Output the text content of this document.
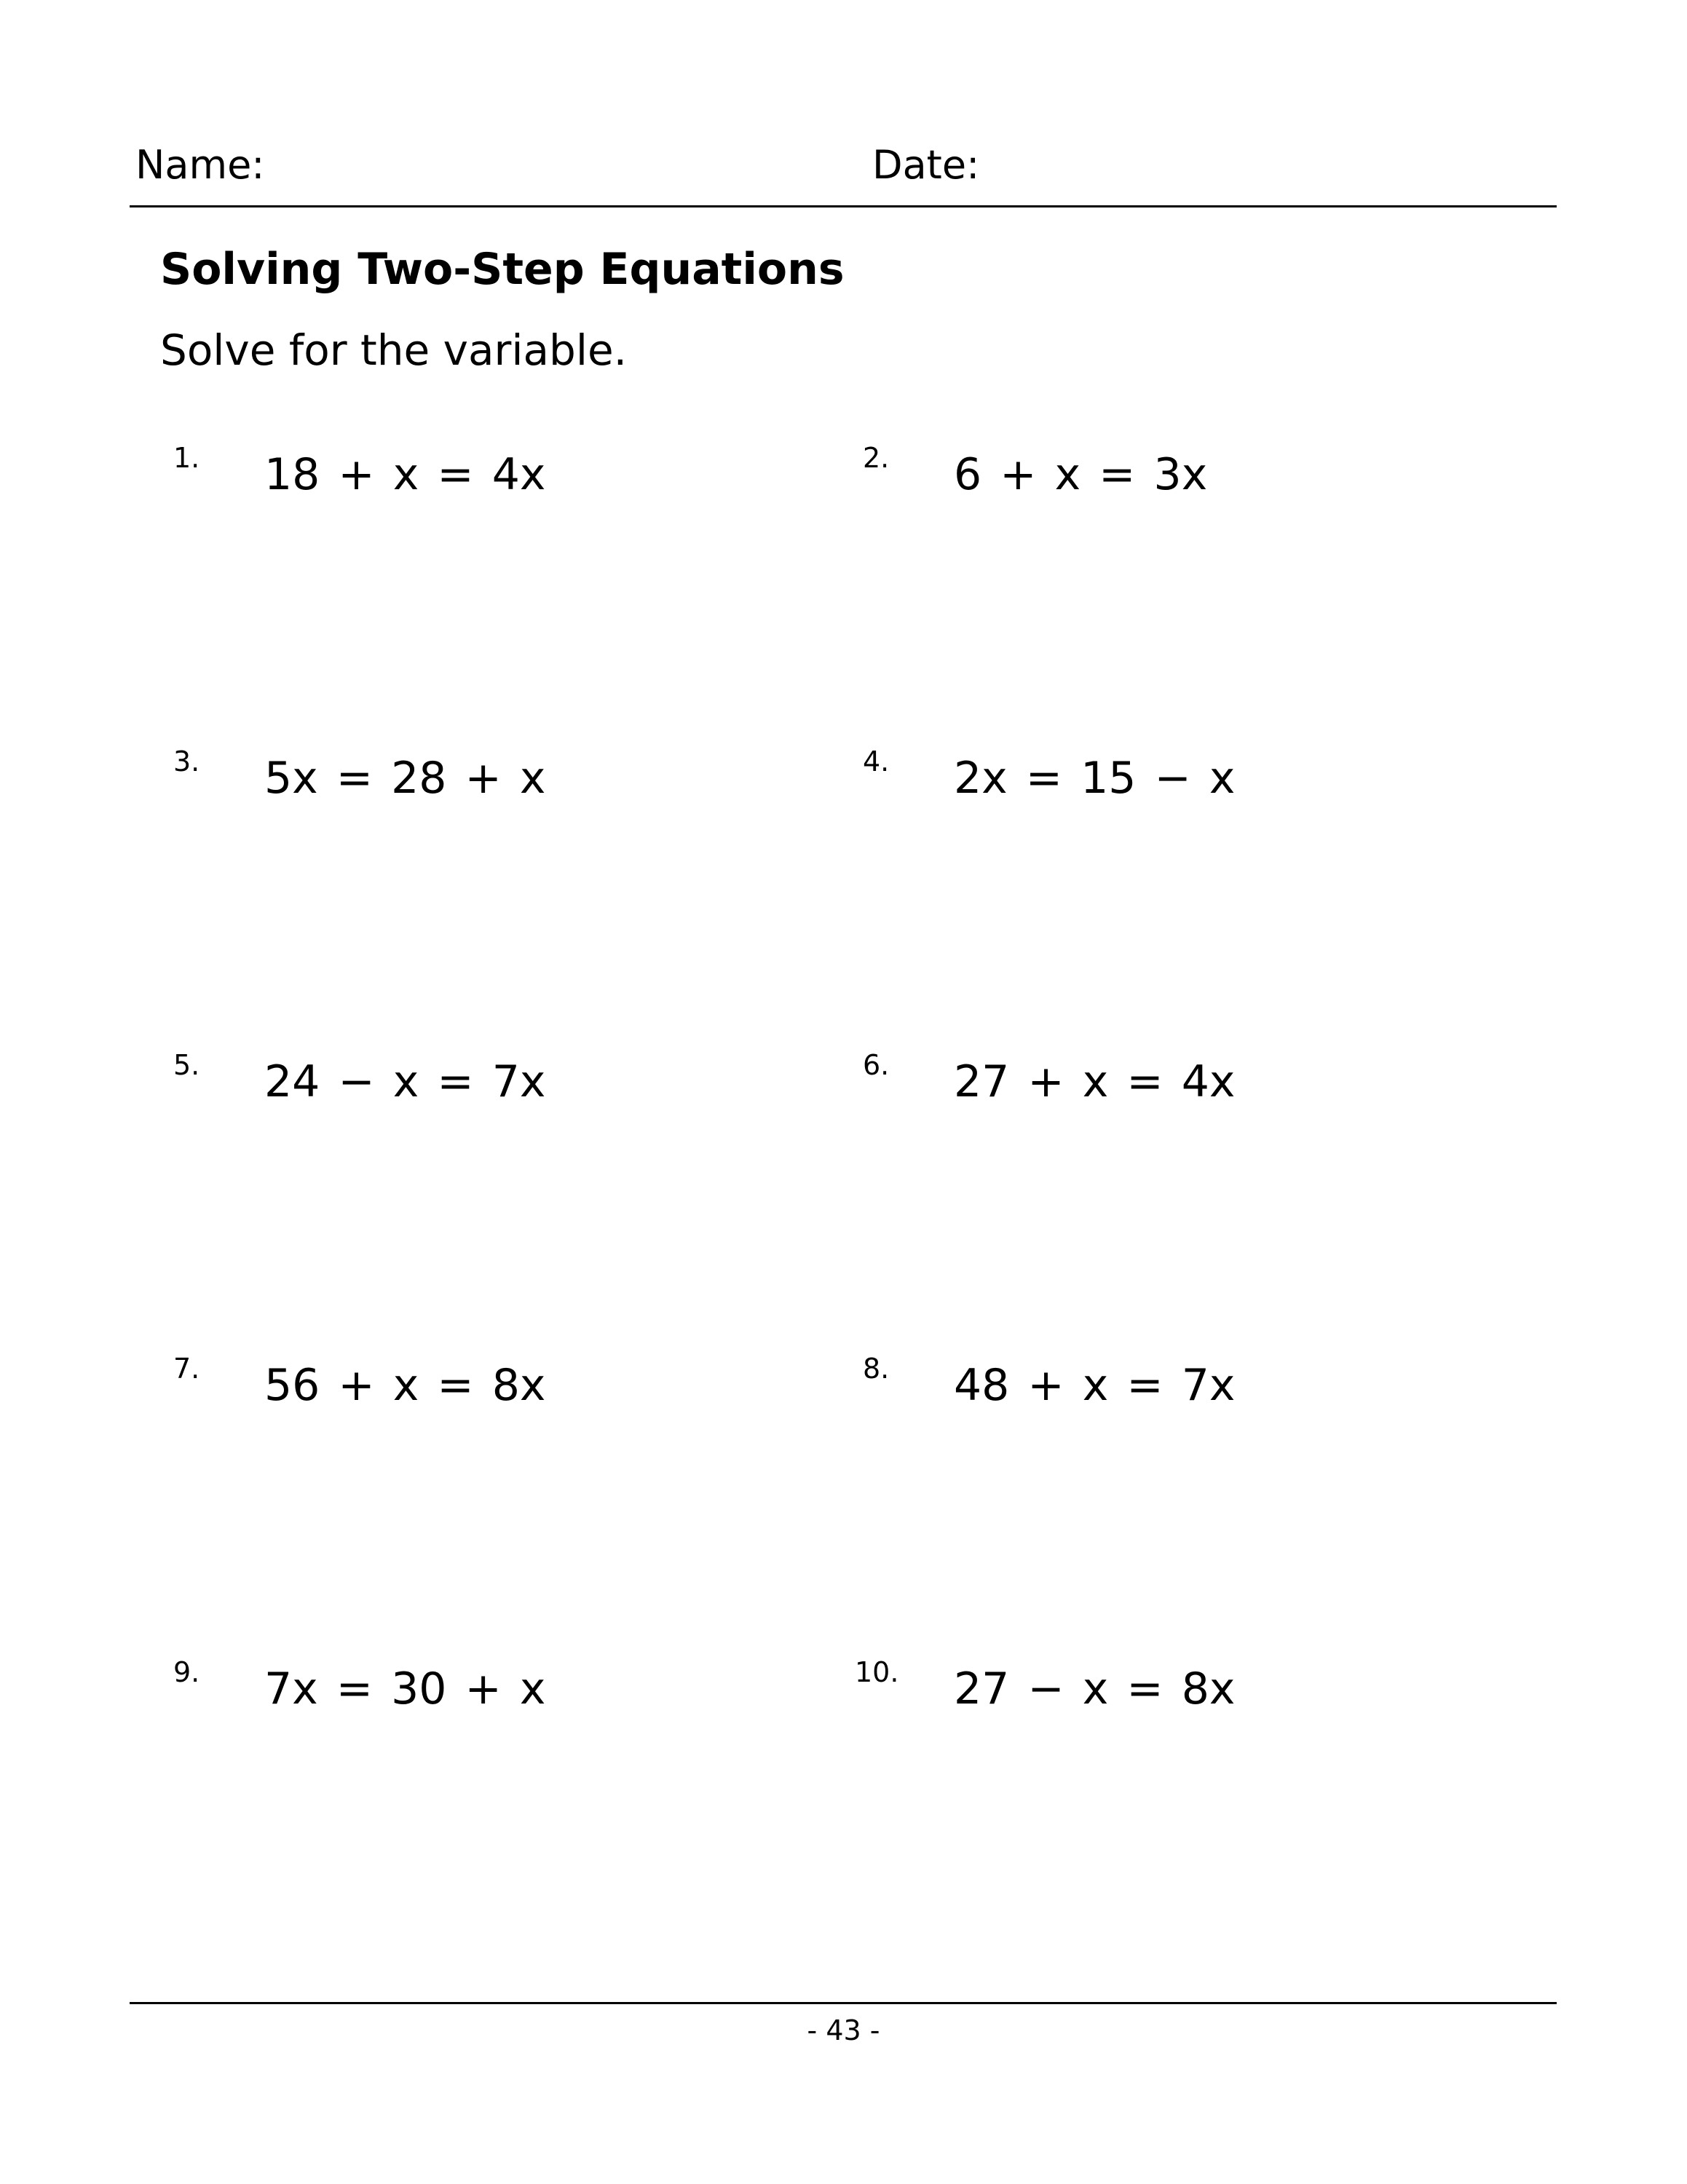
Name:	Date:
Solving Two-Step Equations
Solve for the variable.
1. 18 + x = 4x	2. 6 + x = 3x
3. 5x = 28 + x	4. 2x = 15 − x
5. 24 − x = 7x	6. 27 + x = 4x
7. 56 + x = 8x	8. 48 + x = 7x
9. 7x = 30 + x	10. 27 − x = 8x
- 43 -
